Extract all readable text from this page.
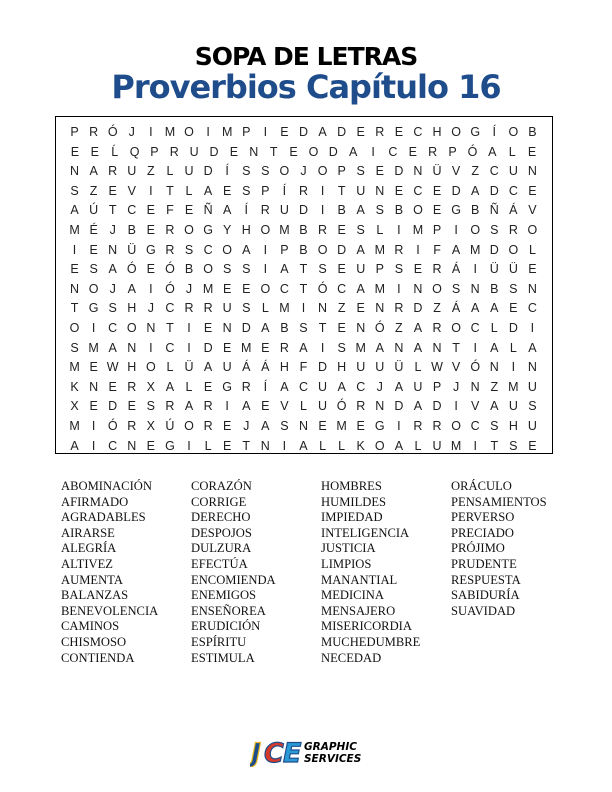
SOPA DE LETRAS
Proverbios Capítulo 16
P R Ó J	I M O I M P	I	E D A D E R E C H O G Í O B
E E Ĺ Q P R U D E N T E O D A	I	C E R P Ó A L E
N A R U Z L U D	Í	S S O J O P S E D N Ü V Z C U N
S Z E V	I	T L A E S P	Í	R	I	T U N E C E D A D C E
A Ú T C E F E Ñ A	Í	R U D	I	B A S B O E G B Ñ Á V
M É J B E R O G Y H O M B R E S L	I M P	I O S R O
I	E N Ü G R S C O A	I	P B O D A M R	I	F A M D O L
E S A Ó E Ó B O S S	I	A T S E U P S E R Á	I	Ü Ü E
N O J A	I Ó J M E E O C T Ó C A M I	N O S N B S N
T G S H J C R R U S L M I	N Z E N R D Z Á A A E C
O I	C O N T	I	E N D A B S T E N Ó Z A R O C L D	I
S M A N	I	C	I	D E M E R A	I	S M A N A N T	I	A L A
M E W H O L Ü A U Á Á H F D H U U Ü L W V Ó N	I	N
K N E R X A L E G R	Í	A C U A C J A U P J N Z M U
X E D E S R A R	I	A E V L U Ó R N D A D	I	V A U S
M I Ó R X Ú O R E J A S N E M E G I	R R O C S H U
A	I	C N E G I	L E T N	I	A L L K O A L U M I	T S E
ABOMINACIÓN
AFIRMADO
AGRADABLES
AIRARSE
ALEGRÍA
ALTIVEZ
AUMENTA
BALANZAS
BENEVOLENCIA
CAMINOS
CHISMOSO
CONTIENDA
CORAZÓN
CORRIGE
DERECHO
DESPOJOS
DULZURA
EFECTÚA
ENCOMIENDA
ENEMIGOS
ENSEÑOREA
ERUDICIÓN
ESPÍRITU
ESTIMULA
HOMBRES
HUMILDES
IMPIEDAD
INTELIGENCIA
JUSTICIA
LIMPIOS
MANANTIAL
MEDICINA
MENSAJERO
MISERICORDIA
MUCHEDUMBRE
NECEDAD
ORÁCULO
PENSAMIENTOS
PERVERSO
PRECIADO
PRÓJIMO
PRUDENTE
RESPUESTA
SABIDURÍA
SUAVIDAD
J C E GRAPHIC
SERVICES
